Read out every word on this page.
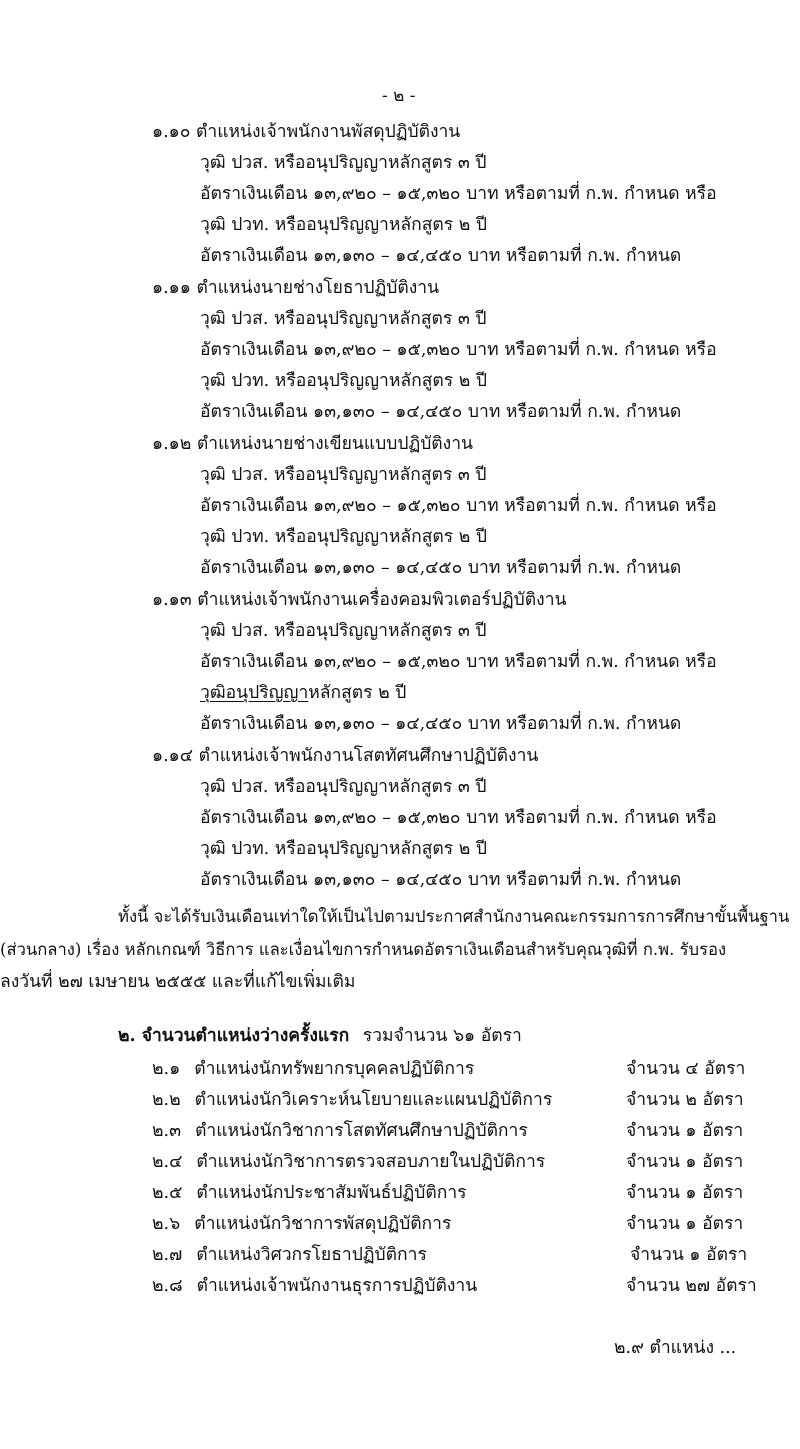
- ๒ -
๑.๑๐ ตำแหน่งเจ้าพนักงานพัสดุปฏิบัติงาน
วุฒิ ปวส. หรืออนุปริญญาหลักสูตร ๓ ปี
อัตราเงินเดือน ๑๓,๙๒๐ – ๑๕,๓๒๐ บาท หรือตามที่ ก.พ. กำหนด หรือ
วุฒิ ปวท. หรืออนุปริญญาหลักสูตร ๒ ปี
อัตราเงินเดือน ๑๓,๑๓๐ – ๑๔,๔๕๐ บาท หรือตามที่ ก.พ. กำหนด
๑.๑๑ ตำแหน่งนายช่างโยธาปฏิบัติงาน
วุฒิ ปวส. หรืออนุปริญญาหลักสูตร ๓ ปี
อัตราเงินเดือน ๑๓,๙๒๐ – ๑๕,๓๒๐ บาท หรือตามที่ ก.พ. กำหนด หรือ
วุฒิ ปวท. หรืออนุปริญญาหลักสูตร ๒ ปี
อัตราเงินเดือน ๑๓,๑๓๐ – ๑๔,๔๕๐ บาท หรือตามที่ ก.พ. กำหนด
๑.๑๒ ตำแหน่งนายช่างเขียนแบบปฏิบัติงาน
วุฒิ ปวส. หรืออนุปริญญาหลักสูตร ๓ ปี
อัตราเงินเดือน ๑๓,๙๒๐ – ๑๕,๓๒๐ บาท หรือตามที่ ก.พ. กำหนด หรือ
วุฒิ ปวท. หรืออนุปริญญาหลักสูตร ๒ ปี
อัตราเงินเดือน ๑๓,๑๓๐ – ๑๔,๔๕๐ บาท หรือตามที่ ก.พ. กำหนด
๑.๑๓ ตำแหน่งเจ้าพนักงานเครื่องคอมพิวเตอร์ปฏิบัติงาน
วุฒิ ปวส. หรืออนุปริญญาหลักสูตร ๓ ปี
อัตราเงินเดือน ๑๓,๙๒๐ – ๑๕,๓๒๐ บาท หรือตามที่ ก.พ. กำหนด หรือ
วุฒิอนุปริญญาหลักสูตร ๒ ปี
อัตราเงินเดือน ๑๓,๑๓๐ – ๑๔,๔๕๐ บาท หรือตามที่ ก.พ. กำหนด
๑.๑๔ ตำแหน่งเจ้าพนักงานโสตทัศนศึกษาปฏิบัติงาน
วุฒิ ปวส. หรืออนุปริญญาหลักสูตร ๓ ปี
อัตราเงินเดือน ๑๓,๙๒๐ – ๑๕,๓๒๐ บาท หรือตามที่ ก.พ. กำหนด หรือ
วุฒิ ปวท. หรืออนุปริญญาหลักสูตร ๒ ปี
อัตราเงินเดือน ๑๓,๑๓๐ – ๑๔,๔๕๐ บาท หรือตามที่ ก.พ. กำหนด
ทั้งนี้ จะได้รับเงินเดือนเท่าใดให้เป็นไปตามประกาศสำนักงานคณะกรรมการการศึกษาขั้นพื้นฐาน
(ส่วนกลาง) เรื่อง หลักเกณฑ์ วิธีการ และเงื่อนไขการกำหนดอัตราเงินเดือนสำหรับคุณวุฒิที่ ก.พ. รับรอง
ลงวันที่ ๒๗ เมษายน ๒๕๕๕ และที่แก้ไขเพิ่มเติม
๒. จำนวนตำแหน่งว่างครั้งแรก รวมจำนวน ๖๑ อัตรา
๒.๑ ตำแหน่งนักทรัพยากรบุคคลปฏิบัติการ	จำนวน ๔ อัตรา
๒.๒ ตำแหน่งนักวิเคราะห์นโยบายและแผนปฏิบัติการ	จำนวน ๒ อัตรา
๒.๓ ตำแหน่งนักวิชาการโสตทัศนศึกษาปฏิบัติการ	จำนวน ๑ อัตรา
๒.๔ ตำแหน่งนักวิชาการตรวจสอบภายในปฏิบัติการ	จำนวน ๑ อัตรา
๒.๕ ตำแหน่งนักประชาสัมพันธ์ปฏิบัติการ	จำนวน ๑ อัตรา
๒.๖ ตำแหน่งนักวิชาการพัสดุปฏิบัติการ	จำนวน ๑ อัตรา
๒.๗ ตำแหน่งวิศวกรโยธาปฏิบัติการ	จำนวน ๑ อัตรา
๒.๘ ตำแหน่งเจ้าพนักงานธุรการปฏิบัติงาน	จำนวน ๒๗ อัตรา
๒.๙ ตำแหน่ง ...
